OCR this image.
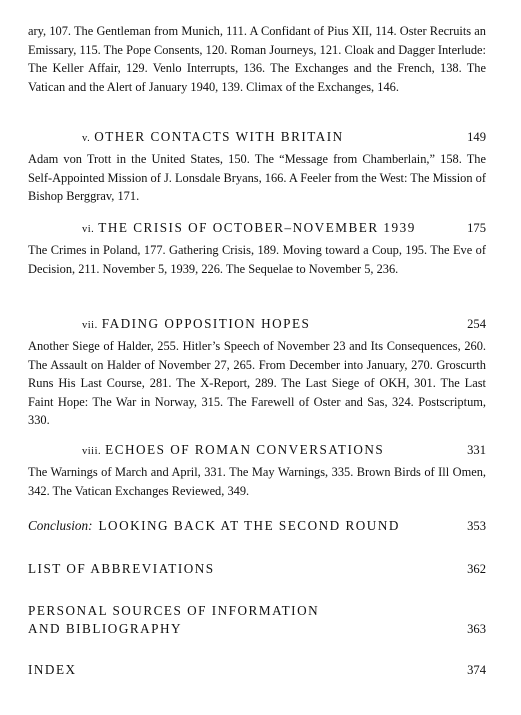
ary, 107. The Gentleman from Munich, 111. A Confidant of Pius XII, 114. Oster Recruits an Emissary, 115. The Pope Consents, 120. Roman Journeys, 121. Cloak and Dagger Interlude: The Keller Affair, 129. Venlo Interrupts, 136. The Exchanges and the French, 138. The Vatican and the Alert of January 1940, 139. Climax of the Exchanges, 146.

v. OTHER CONTACTS WITH BRITAIN	149

Adam von Trott in the United States, 150. The “Message from Chamberlain,” 158. The Self-Appointed Mission of J. Lonsdale Bryans, 166. A Feeler from the West: The Mission of Bishop Berggrav, 171.

vi. THE CRISIS OF OCTOBER–NOVEMBER 1939	175

The Crimes in Poland, 177. Gathering Crisis, 189. Moving toward a Coup, 195. The Eve of Decision, 211. November 5, 1939, 226. The Sequelae to November 5, 236.

vii. FADING OPPOSITION HOPES	254

Another Siege of Halder, 255. Hitler’s Speech of November 23 and Its Consequences, 260. The Assault on Halder of November 27, 265. From December into January, 270. Groscurth Runs His Last Course, 281. The X-Report, 289. The Last Siege of OKH, 301. The Last Faint Hope: The War in Norway, 315. The Farewell of Oster and Sas, 324. Postscriptum, 330.

viii. ECHOES OF ROMAN CONVERSATIONS	331

The Warnings of March and April, 331. The May Warnings, 335. Brown Birds of Ill Omen, 342. The Vatican Exchanges Reviewed, 349.

Conclusion: LOOKING BACK AT THE SECOND ROUND	353
LIST OF ABBREVIATIONS	362
PERSONAL SOURCES OF INFORMATION AND BIBLIOGRAPHY	363
INDEX	374
